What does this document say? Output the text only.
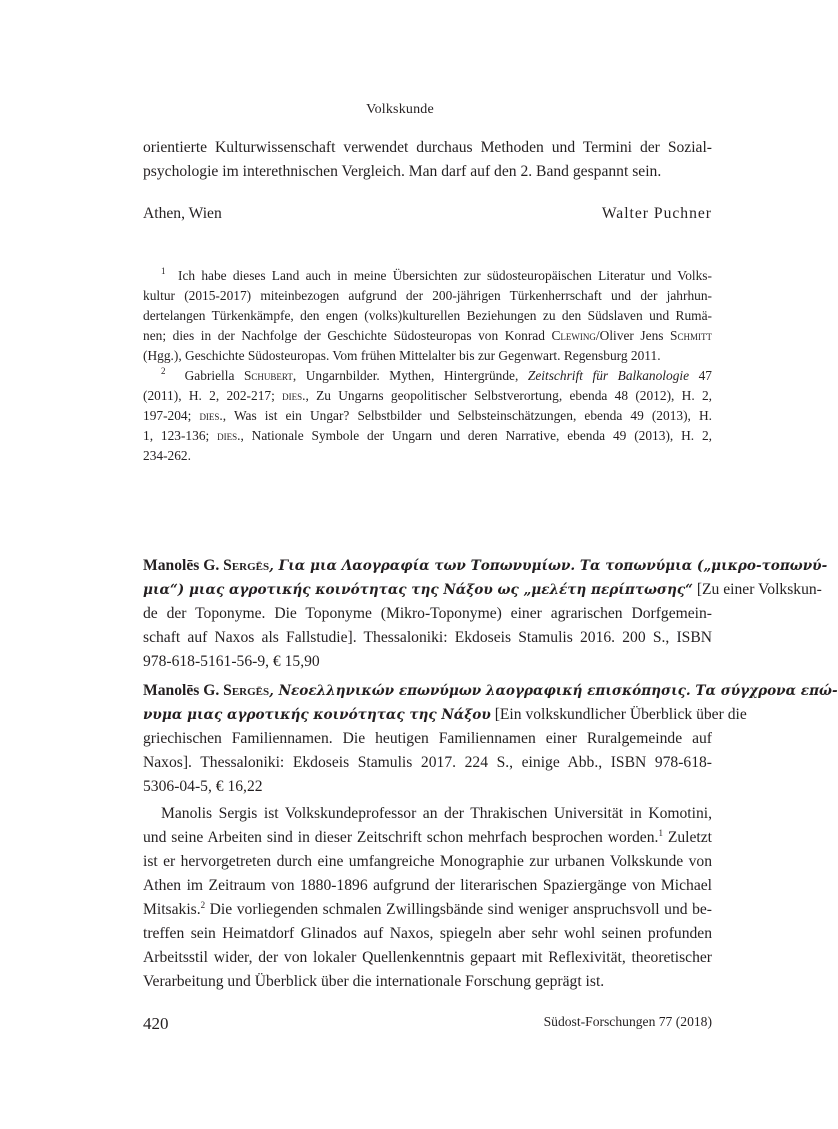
Volkskunde
orientierte Kulturwissenschaft verwendet durchaus Methoden und Termini der Sozial-
psychologie im interethnischen Vergleich. Man darf auf den 2. Band gespannt sein.
Athen, Wien	Walter Puchner
$^1$ Ich habe dieses Land auch in meine Übersichten zur südosteuropäischen Literatur und Volks-
kultur (2015-2017) miteinbezogen aufgrund der 200-jährigen Türkenherrschaft und der jahrhun-
dertelangen Türkenkämpfe, den engen (volks)kulturellen Beziehungen zu den Südslaven und Rumä-
nen; dies in der Nachfolge der Geschichte Südosteuropas von Konrad Clewing/Oliver Jens Schmitt
(Hgg.), Geschichte Südosteuropas. Vom frühen Mittelalter bis zur Gegenwart. Regensburg 2011.
$^2$ Gabriella Schubert, Ungarnbilder. Mythen, Hintergründe, Zeitschrift für Balkanologie 47
(2011), H. 2, 202-217; dies., Zu Ungarns geopolitischer Selbstverortung, ebenda 48 (2012), H. 2,
197-204; dies., Was ist ein Ungar? Selbstbilder und Selbsteinschätzungen, ebenda 49 (2013), H.
1, 123-136; dies., Nationale Symbole der Ungarn und deren Narrative, ebenda 49 (2013), H. 2,
234-262.
Manolēs G. Sergēs, Για μια Λαογραφία των Τοπωνυμίων. Τα τοπωνύμια („μικρο-τοπωνύ-
μια“) μιας αγροτικής κοινότητας της Νάξου ως „μελέτη περίπτωσης“ [Zu einer Volkskun-
de der Toponyme. Die Toponyme (Mikro-Toponyme) einer agrarischen Dorfgemein-
schaft auf Naxos als Fallstudie]. Thessaloniki: Ekdoseis Stamulis 2016. 200 S., ISBN
978-618-5161-56-9, € 15,90
Manolēs G. Sergēs, Νεοελληνικών επωνύμων λαογραφική επισκόπησις. Τα σύγχρονα επώ-
νυμα μιας αγροτικής κοινότητας της Νάξου [Ein volkskundlicher Überblick über die
griechischen Familiennamen. Die heutigen Familiennamen einer Ruralgemeinde auf
Naxos]. Thessaloniki: Ekdoseis Stamulis 2017. 224 S., einige Abb., ISBN 978-618-
5306-04-5, € 16,22
Manolis Sergis ist Volkskundeprofessor an der Thrakischen Universität in Komotini,
und seine Arbeiten sind in dieser Zeitschrift schon mehrfach besprochen worden.$^1$ Zuletzt
ist er hervorgetreten durch eine umfangreiche Monographie zur urbanen Volkskunde von
Athen im Zeitraum von 1880-1896 aufgrund der literarischen Spaziergänge von Michael
Mitsakis.$^2$ Die vorliegenden schmalen Zwillingsbände sind weniger anspruchsvoll und be-
treffen sein Heimatdorf Glinados auf Naxos, spiegeln aber sehr wohl seinen profunden
Arbeitsstil wider, der von lokaler Quellenkenntnis gepaart mit Reflexivität, theoretischer
Verarbeitung und Überblick über die internationale Forschung geprägt ist.
420	Südost-Forschungen 77 (2018)
